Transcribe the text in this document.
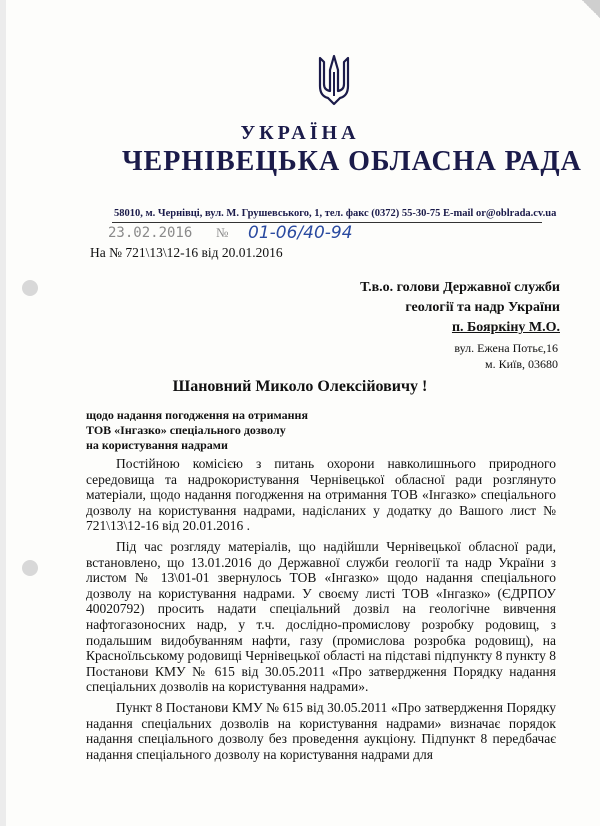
УКРАЇНА
ЧЕРНІВЕЦЬКА ОБЛАСНА РАДА
58010, м. Чернівці, вул. М. Грушевського, 1, тел. факс (0372) 55-30-75 E-mail or@oblrada.cv.ua
23.02.2016 № 01-06/40-94
На № 721\13\12-16 від 20.01.2016
Т.в.о. голови Державної служби
геології та надр України
п. Бояркіну М.О.
вул. Ежена Потьє,16
м. Київ, 03680
Шановний Миколо Олексійовичу !
щодо надання погодження на отримання
ТОВ «Інгазко» спеціального дозволу
на користування надрами

Постійною комісією з питань охорони навколишнього природного середовища та надрокористування Чернівецької обласної ради розглянуто матеріали, щодо надання погодження на отримання ТОВ «Інгазко» спеціального дозволу на користування надрами, надісланих у додатку до Вашого лист № 721\13\12-16 від 20.01.2016 .

Під час розгляду матеріалів, що надійшли Чернівецької обласної ради, встановлено, що 13.01.2016 до Державної служби геології та надр України з листом № 13\01-01 звернулось ТОВ «Інгазко» щодо надання спеціального дозволу на користування надрами. У своєму листі ТОВ «Інгазко» (ЄДРПОУ 40020792) просить надати спеціальний дозвіл на геологічне вивчення нафтогазоносних надр, у т.ч. дослідно-промислову розробку родовищ, з подальшим видобуванням нафти, газу (промислова розробка родовищ), на Красноїльському родовищі Чернівецької області на підставі підпункту 8 пункту 8 Постанови КМУ № 615 від 30.05.2011 «Про затвердження Порядку надання спеціальних дозволів на користування надрами».

Пункт 8 Постанови КМУ № 615 від 30.05.2011 «Про затвердження Порядку надання спеціальних дозволів на користування надрами» визначає порядок надання спеціального дозволу без проведення аукціону. Підпункт 8 передбачає надання спеціального дозволу на користування надрами для
